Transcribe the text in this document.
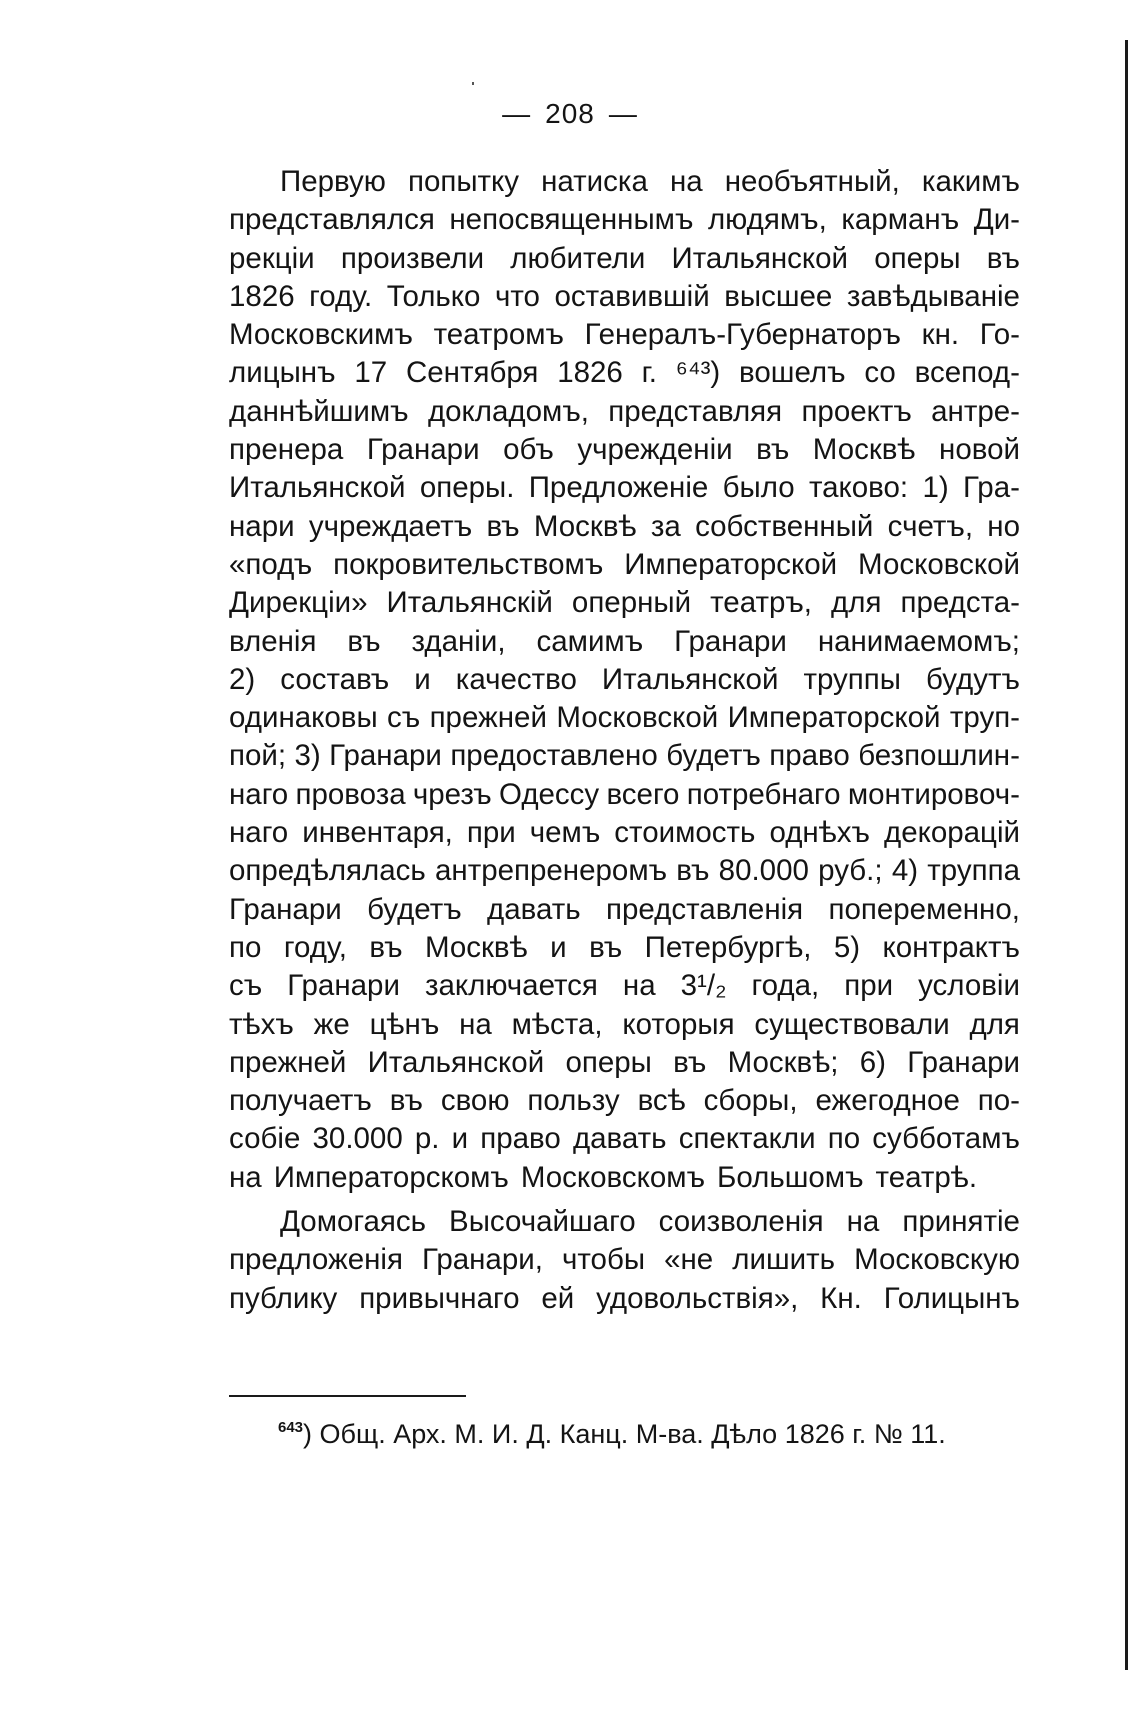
— 208 —
Первую попытку натиска на необъятный, какимъ
представлялся непосвященнымъ людямъ, карманъ Ди-
рекціи произвели любители Итальянской оперы въ
1826 году. Только что оставившій высшее завѣдываніе
Московскимъ театромъ Генералъ-Губернаторъ кн. Го-
лицынъ 17 Сентября 1826 г. ⁶⁴³) вошелъ со всепод-
даннѣйшимъ докладомъ, представляя проектъ антре-
пренера Гранари объ учрежденіи въ Москвѣ новой
Итальянской оперы. Предложеніе было таково: 1) Гра-
нари учреждаетъ въ Москвѣ за собственный счетъ, но
«подъ покровительствомъ Императорской Московской
Дирекціи» Итальянскій оперный театръ, для предста-
вленія въ зданіи, самимъ Гранари нанимаемомъ;
2) составъ и качество Итальянской труппы будутъ
одинаковы съ прежней Московской Императорской труп-
пой; 3) Гранари предоставлено будетъ право безпошлин-
наго провоза чрезъ Одессу всего потребнаго монтировоч-
наго инвентаря, при чемъ стоимость однѣхъ декорацій
опредѣлялась антрепренеромъ въ 80.000 руб.; 4) труппа
Гранари будетъ давать представленія попеременно,
по году, въ Москвѣ и въ Петербургѣ, 5) контрактъ
съ Гранари заключается на 3¹/₂ года, при условіи
тѣхъ же цѣнъ на мѣста, которыя существовали для
прежней Итальянской оперы въ Москвѣ; 6) Гранари
получаетъ въ свою пользу всѣ сборы, ежегодное по-
собіе 30.000 р. и право давать спектакли по субботамъ
на Императорскомъ Московскомъ Большомъ театрѣ.
Домогаясь Высочайшаго соизволенія на принятіе
предложенія Гранари, чтобы «не лишить Московскую
публику привычнаго ей удовольствія», Кн. Голицынъ
$^{643}$) Общ. Арх. М. И. Д. Канц. М-ва. Дѣло 1826 г. № 11.
